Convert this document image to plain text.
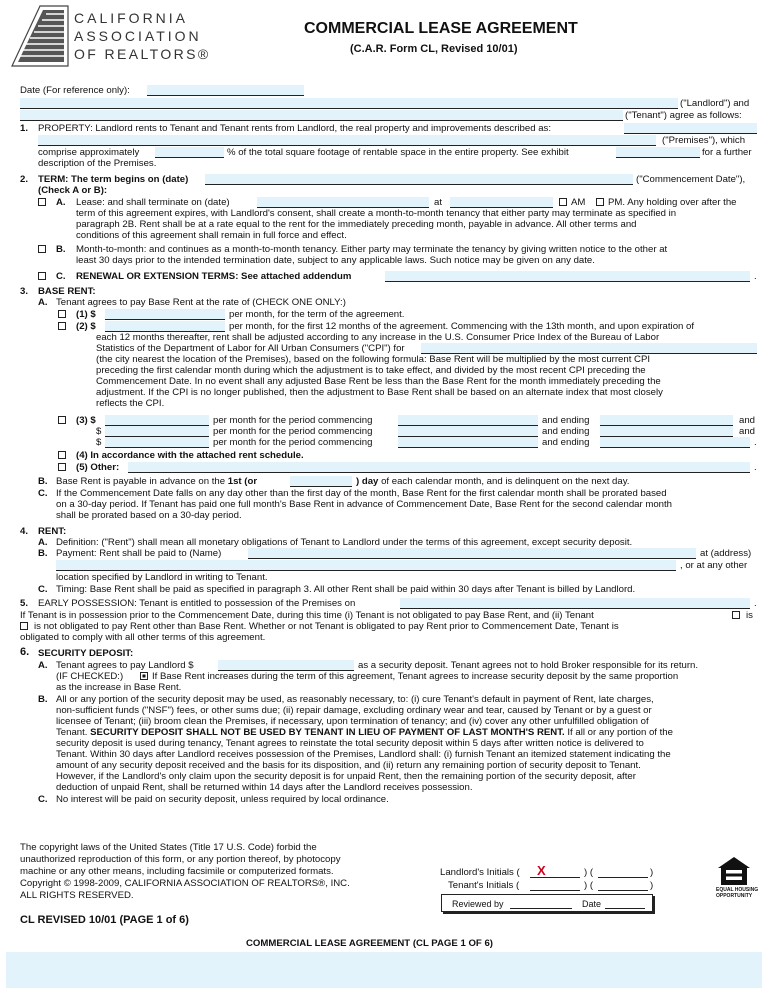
CALIFORNIA
ASSOCIATION
OF REALTORS®
COMMERCIAL LEASE AGREEMENT
(C.A.R. Form CL, Revised 10/01)
Date (For reference only):
("Landlord") and
("Tenant") agree as follows:
1. PROPERTY: Landlord rents to Tenant and Tenant rents from Landlord, the real property and improvements described as:
("Premises"), which
comprise approximately	% of the total square footage of rentable space in the entire property. See exhibit	for a further
description of the Premises.
2. TERM: The term begins on (date)	("Commencement Date"),
(Check A or B):
A. Lease: and shall terminate on (date)	at	AM PM. Any holding over after the
term of this agreement expires, with Landlord's consent, shall create a month-to-month tenancy that either party may terminate as specified in
paragraph 2B. Rent shall be at a rate equal to the rent for the immediately preceding month, payable in advance. All other terms and
conditions of this agreement shall remain in full force and effect.
B. Month-to-month: and continues as a month-to-month tenancy. Either party may terminate the tenancy by giving written notice to the other at
least 30 days prior to the intended termination date, subject to any applicable laws. Such notice may be given on any date.
C. RENEWAL OR EXTENSION TERMS: See attached addendum	.
3. BASE RENT:
A. Tenant agrees to pay Base Rent at the rate of (CHECK ONE ONLY:)
(1) $	per month, for the term of the agreement.
(2) $	per month, for the first 12 months of the agreement. Commencing with the 13th month, and upon expiration of
each 12 months thereafter, rent shall be adjusted according to any increase in the U.S. Consumer Price Index of the Bureau of Labor
Statistics of the Department of Labor for All Urban Consumers ("CPI") for
(the city nearest the location of the Premises), based on the following formula: Base Rent will be multiplied by the most current CPI
preceding the first calendar month during which the adjustment is to take effect, and divided by the most recent CPI preceding the
Commencement Date. In no event shall any adjusted Base Rent be less than the Base Rent for the month immediately preceding the
adjustment. If the CPI is no longer published, then the adjustment to Base Rent shall be based on an alternate index that most closely
reflects the CPI.
(3) $	per month for the period commencing	and ending	and
$	per month for the period commencing	and ending	and
$	per month for the period commencing	and ending	.
(4) In accordance with the attached rent schedule.
(5) Other:	.
B. Base Rent is payable in advance on the 1st (or	) day of each calendar month, and is delinquent on the next day.
C. If the Commencement Date falls on any day other than the first day of the month, Base Rent for the first calendar month shall be prorated based
on a 30-day period. If Tenant has paid one full month's Base Rent in advance of Commencement Date, Base Rent for the second calendar month
shall be prorated based on a 30-day period.
4. RENT:
A. Definition: ("Rent") shall mean all monetary obligations of Tenant to Landlord under the terms of this agreement, except security deposit.
B. Payment: Rent shall be paid to (Name)	at (address)
, or at any other
location specified by Landlord in writing to Tenant.
C. Timing: Base Rent shall be paid as specified in paragraph 3. All other Rent shall be paid within 30 days after Tenant is billed by Landlord.
5. EARLY POSSESSION: Tenant is entitled to possession of the Premises on	.
If Tenant is in possession prior to the Commencement Date, during this time (i) Tenant is not obligated to pay Base Rent, and (ii) Tenant	is
is not obligated to pay Rent other than Base Rent. Whether or not Tenant is obligated to pay Rent prior to Commencement Date, Tenant is
obligated to comply with all other terms of this agreement.
6. SECURITY DEPOSIT:
A. Tenant agrees to pay Landlord $	as a security deposit. Tenant agrees not to hold Broker responsible for its return.
(IF CHECKED:)	If Base Rent increases during the term of this agreement, Tenant agrees to increase security deposit by the same proportion
as the increase in Base Rent.
B. All or any portion of the security deposit may be used, as reasonably necessary, to: (i) cure Tenant's default in payment of Rent, late charges,
non-sufficient funds ("NSF") fees, or other sums due; (ii) repair damage, excluding ordinary wear and tear, caused by Tenant or by a guest or
licensee of Tenant; (iii) broom clean the Premises, if necessary, upon termination of tenancy; and (iv) cover any other unfulfilled obligation of
Tenant. SECURITY DEPOSIT SHALL NOT BE USED BY TENANT IN LIEU OF PAYMENT OF LAST MONTH'S RENT. If all or any portion of the
security deposit is used during tenancy, Tenant agrees to reinstate the total security deposit within 5 days after written notice is delivered to
Tenant. Within 30 days after Landlord receives possession of the Premises, Landlord shall: (i) furnish Tenant an itemized statement indicating the
amount of any security deposit received and the basis for its disposition, and (ii) return any remaining portion of security deposit to Tenant.
However, if the Landlord's only claim upon the security deposit is for unpaid Rent, then the remaining portion of the security deposit, after
deduction of unpaid Rent, shall be returned within 14 days after the Landlord receives possession.
C. No interest will be paid on security deposit, unless required by local ordinance.
The copyright laws of the United States (Title 17 U.S. Code) forbid the
unauthorized reproduction of this form, or any portion thereof, by photocopy
machine or any other means, including facsimile or computerized formats.
Copyright © 1998-2009, CALIFORNIA ASSOCIATION OF REALTORS®, INC.
ALL RIGHTS RESERVED.
Landlord's Initials ( X	) (	)
Tenant's Initials (	) (	)
Reviewed by	Date
EQUAL HOUSING
OPPORTUNITY
CL REVISED 10/01 (PAGE 1 of 6)
COMMERCIAL LEASE AGREEMENT (CL PAGE 1 OF 6)
